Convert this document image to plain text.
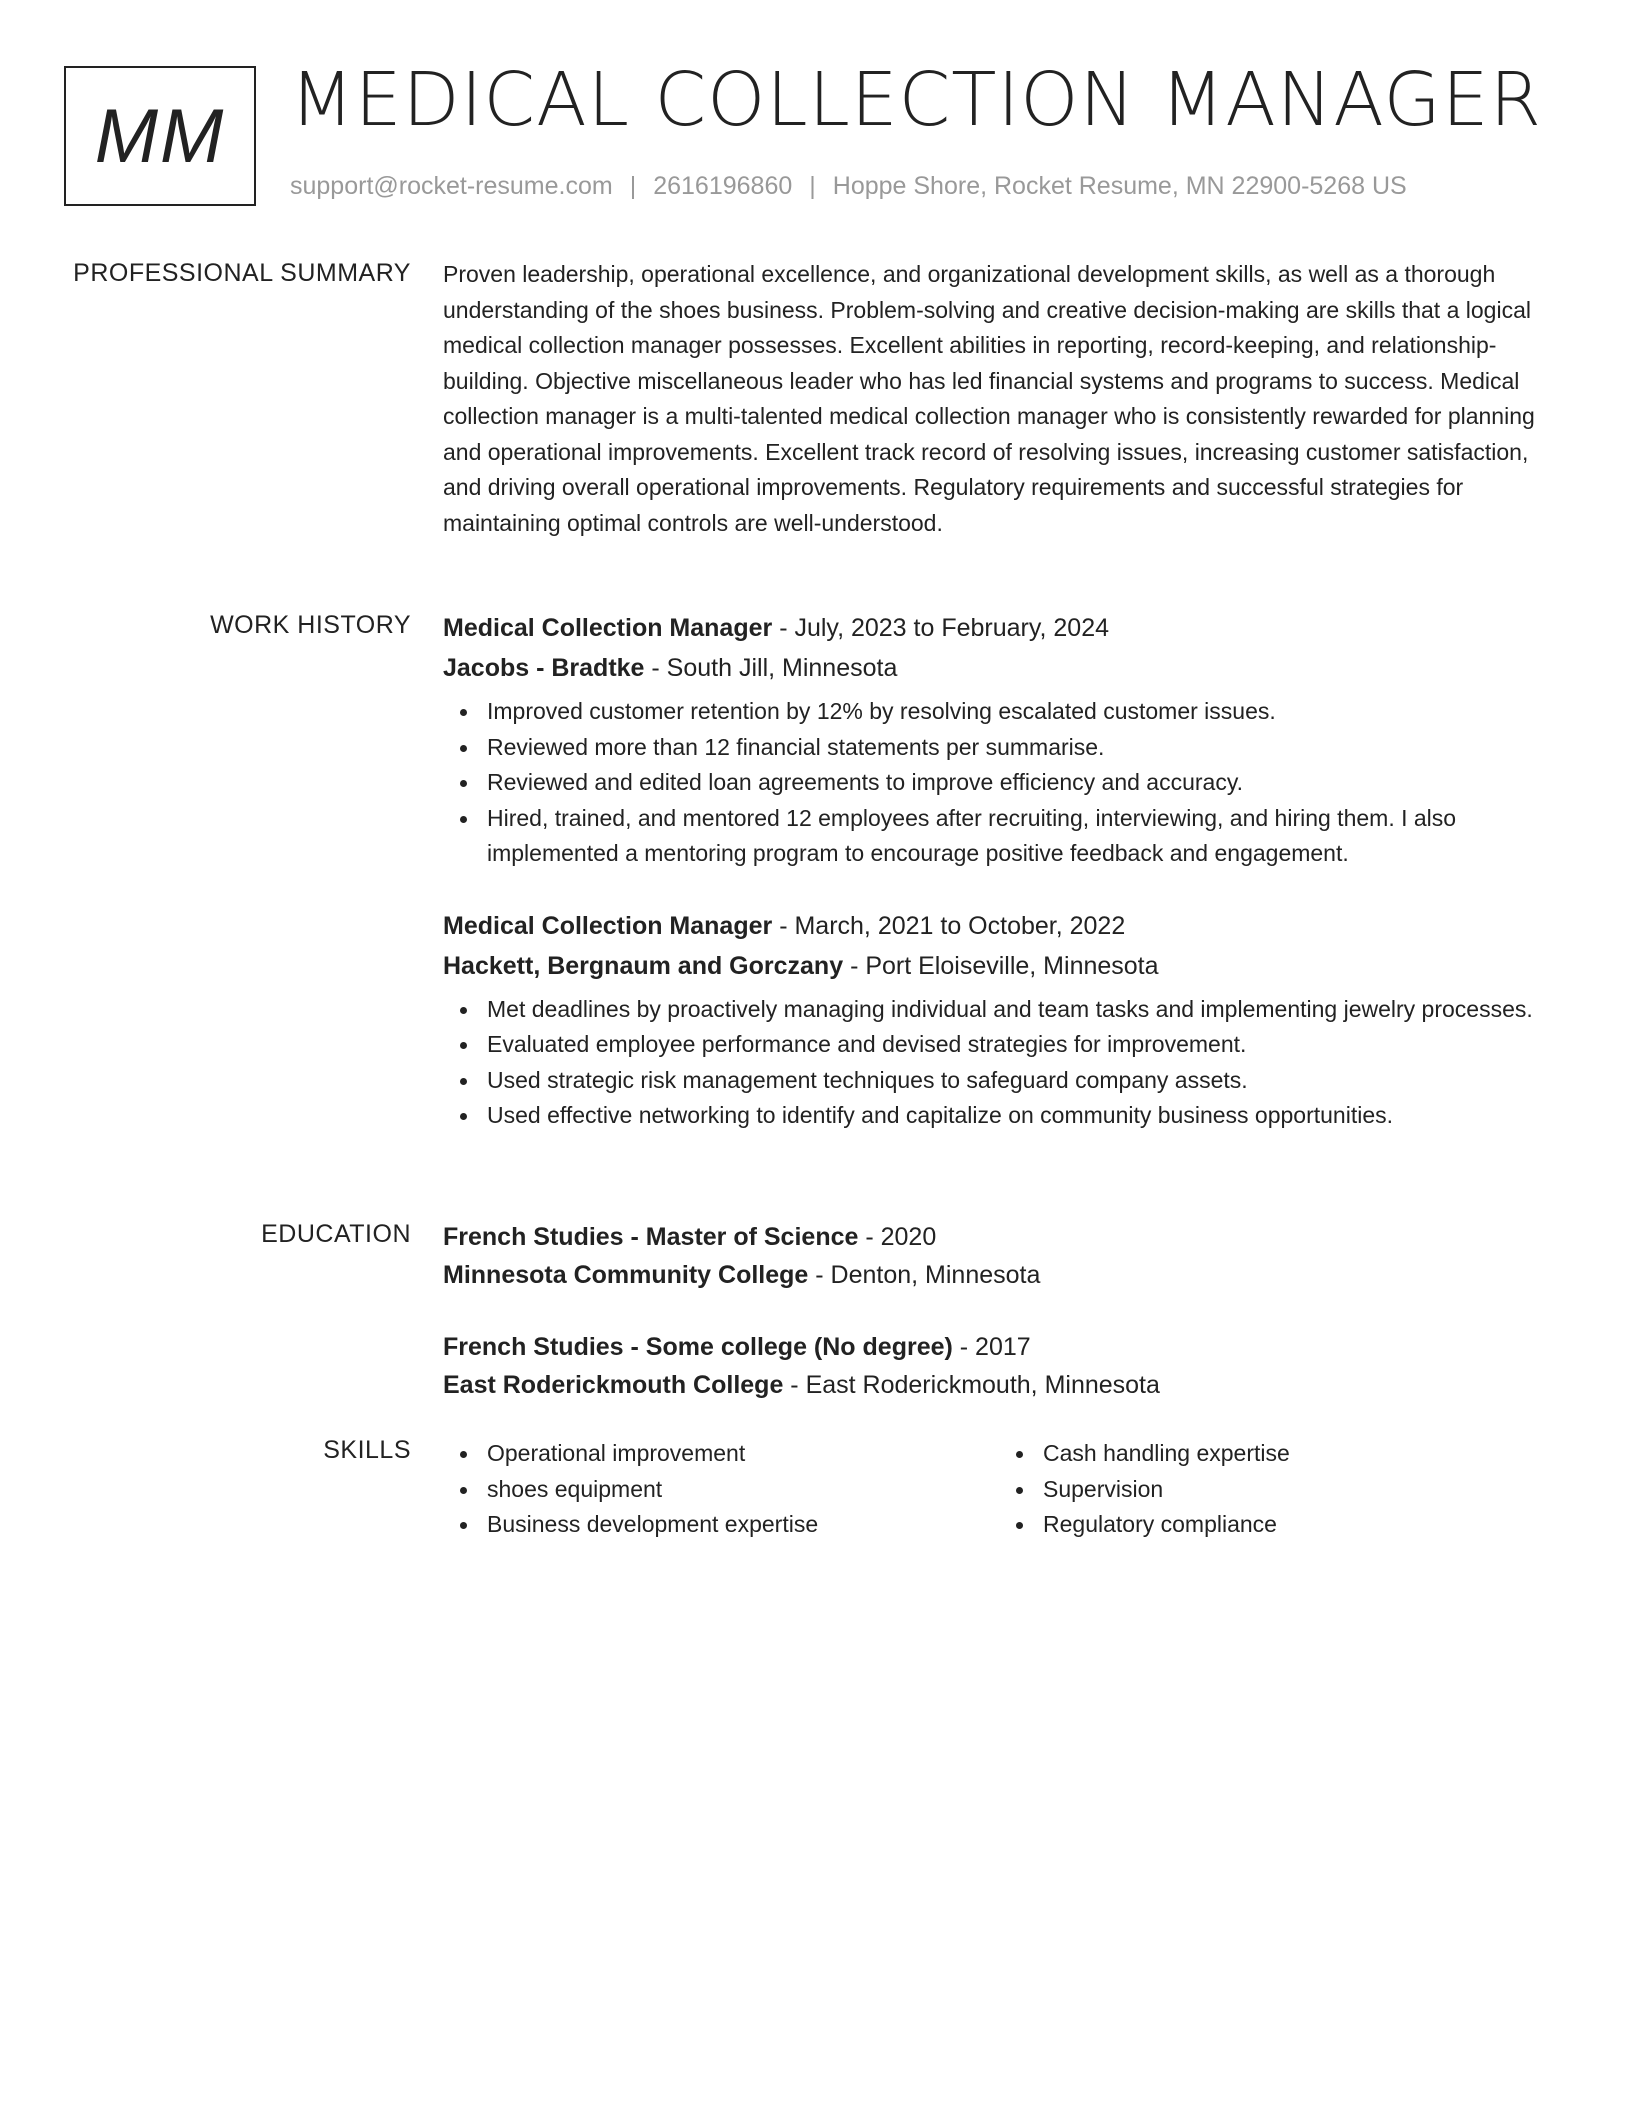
MM MEDICAL COLLECTION MANAGER
support@rocket-resume.com | 2616196860 | Hoppe Shore, Rocket Resume, MN 22900-5268 US
PROFESSIONAL SUMMARY Proven leadership, operational excellence, and organizational development skills, as well as a thorough understanding of the shoes business. Problem-solving and creative decision-making are skills that a logical medical collection manager possesses. Excellent abilities in reporting, record-keeping, and relationship-building. Objective miscellaneous leader who has led financial systems and programs to success. Medical collection manager is a multi-talented medical collection manager who is consistently rewarded for planning and operational improvements. Excellent track record of resolving issues, increasing customer satisfaction, and driving overall operational improvements. Regulatory requirements and successful strategies for maintaining optimal controls are well-understood.

WORK HISTORY Medical Collection Manager - July, 2023 to February, 2024
Jacobs - Bradtke - South Jill, Minnesota
Improved customer retention by 12% by resolving escalated customer issues.
Reviewed more than 12 financial statements per summarise.
Reviewed and edited loan agreements to improve efficiency and accuracy.
Hired, trained, and mentored 12 employees after recruiting, interviewing, and hiring them. I also implemented a mentoring program to encourage positive feedback and engagement.
Medical Collection Manager - March, 2021 to October, 2022
Hackett, Bergnaum and Gorczany - Port Eloiseville, Minnesota
Met deadlines by proactively managing individual and team tasks and implementing jewelry processes.
Evaluated employee performance and devised strategies for improvement.
Used strategic risk management techniques to safeguard company assets.
Used effective networking to identify and capitalize on community business opportunities.
EDUCATION French Studies - Master of Science - 2020
Minnesota Community College - Denton, Minnesota
French Studies - Some college (No degree) - 2017
East Roderickmouth College - East Roderickmouth, Minnesota
SKILLS	Operational improvement
shoes equipment
Business development expertise
Cash handling expertise
Supervision
Regulatory compliance
